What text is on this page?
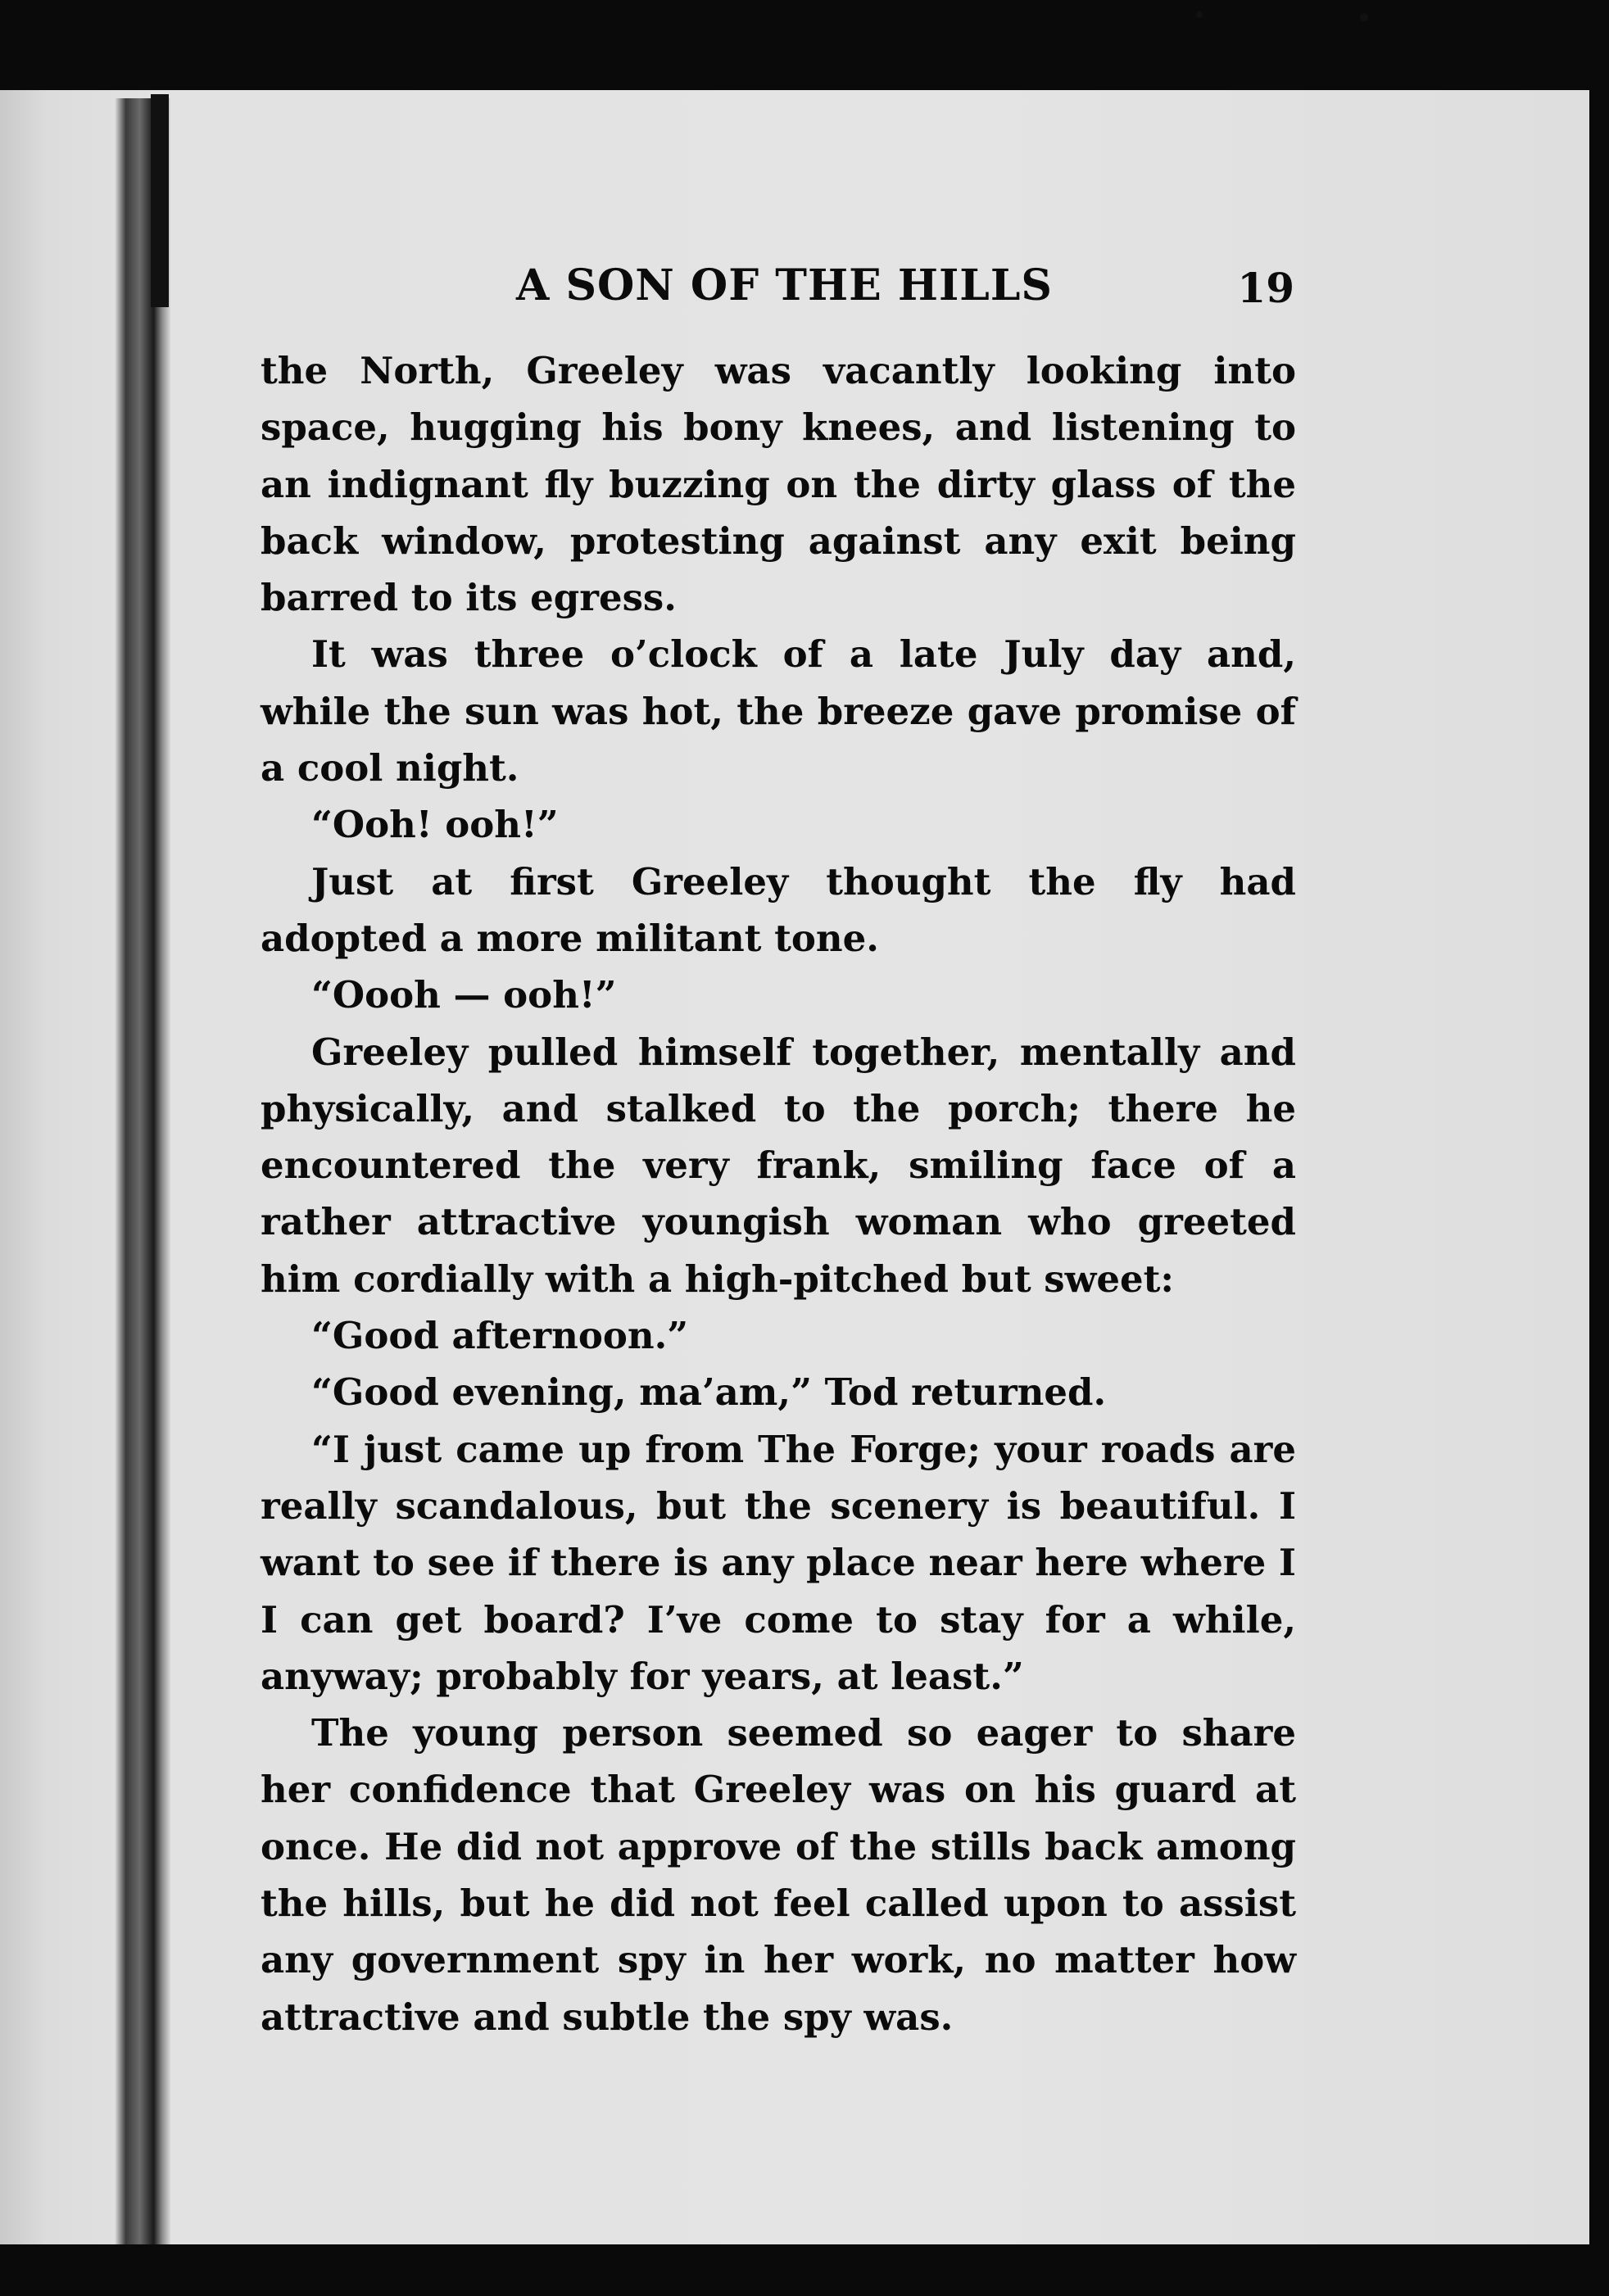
A SON OF THE HILLS	19

the North, Greeley was vacantly looking into space, hugging his bony knees, and listening to an indignant fly buzzing on the dirty glass of the back window, protesting against any exit being barred to its egress.

It was three o’clock of a late July day and, while the sun was hot, the breeze gave promise of a cool night.

“Ooh! ooh!”

Just at first Greeley thought the fly had adopted a more militant tone.

“Oooh — ooh!”

Greeley pulled himself together, mentally and physically, and stalked to the porch; there he encountered the very frank, smiling face of a rather attractive youngish woman who greeted him cordially with a high-pitched but sweet:

“Good afternoon.”

“Good evening, ma’am,” Tod returned.

“I just came up from The Forge; your roads are really scandalous, but the scenery is beautiful. I want to see if there is any place near here where I I can get board? I’ve come to stay for a while, anyway; probably for years, at least.”

The young person seemed so eager to share her confidence that Greeley was on his guard at once. He did not approve of the stills back among the hills, but he did not feel called upon to assist any government spy in her work, no matter how attractive and subtle the spy was.
